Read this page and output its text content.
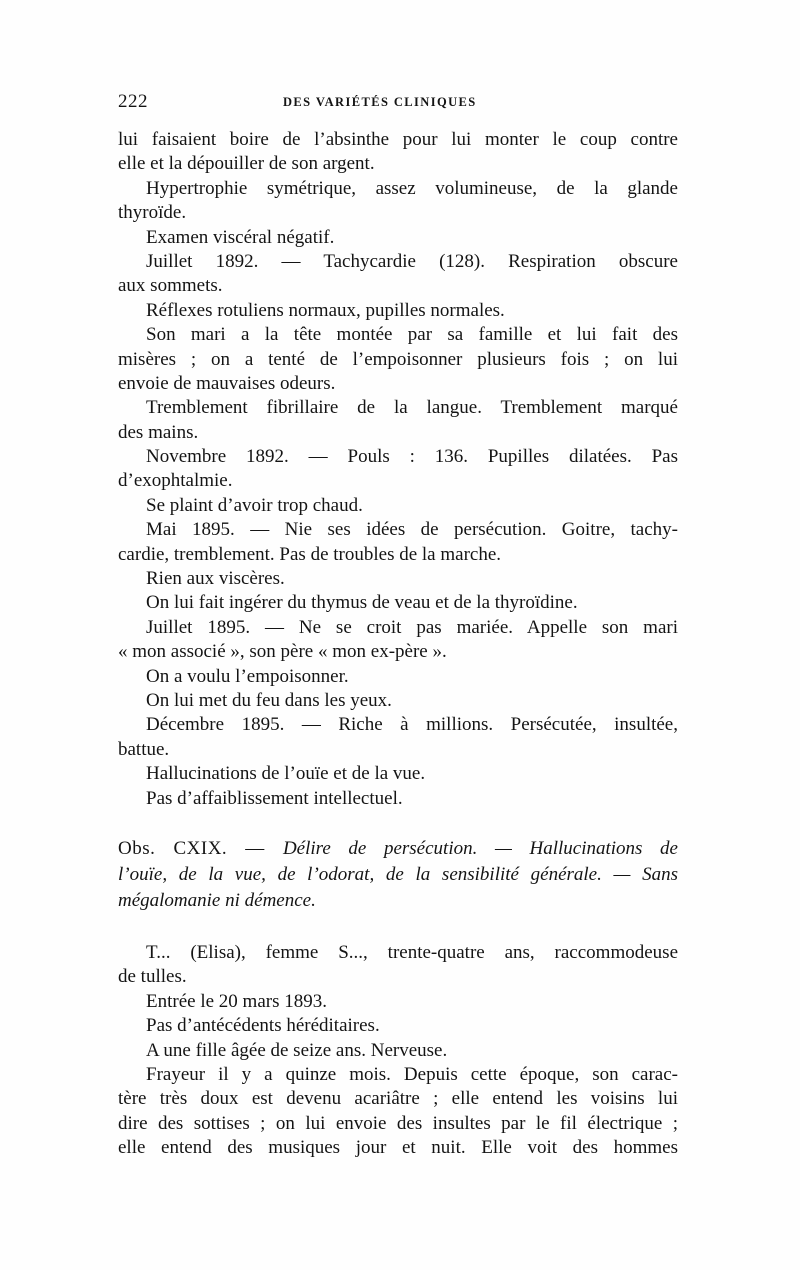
222	DES VARIÉTÉS CLINIQUES
lui faisaient boire de l’absinthe pour lui monter le coup contre
elle et la dépouiller de son argent.
Hypertrophie symétrique, assez volumineuse, de la glande
thyroïde.
Examen viscéral négatif.
Juillet 1892. — Tachycardie (128). Respiration obscure
aux sommets.
Réflexes rotuliens normaux, pupilles normales.
Son mari a la tête montée par sa famille et lui fait des
misères ; on a tenté de l’empoisonner plusieurs fois ; on lui
envoie de mauvaises odeurs.
Tremblement fibrillaire de la langue. Tremblement marqué
des mains.
Novembre 1892. — Pouls : 136. Pupilles dilatées. Pas
d’exophtalmie.
Se plaint d’avoir trop chaud.
Mai 1895. — Nie ses idées de persécution. Goitre, tachy-
cardie, tremblement. Pas de troubles de la marche.
Rien aux viscères.
On lui fait ingérer du thymus de veau et de la thyroïdine.
Juillet 1895. — Ne se croit pas mariée. Appelle son mari
« mon associé », son père « mon ex-père ».
On a voulu l’empoisonner.
On lui met du feu dans les yeux.
Décembre 1895. — Riche à millions. Persécutée, insultée,
battue.
Hallucinations de l’ouïe et de la vue.
Pas d’affaiblissement intellectuel.
Obs. CXIX. — Délire de persécution. — Hallucinations de
l’ouïe, de la vue, de l’odorat, de la sensibilité générale. — Sans
mégalomanie ni démence.
T... (Elisa), femme S..., trente-quatre ans, raccommodeuse
de tulles.
Entrée le 20 mars 1893.
Pas d’antécédents héréditaires.
A une fille âgée de seize ans. Nerveuse.
Frayeur il y a quinze mois. Depuis cette époque, son carac-
tère très doux est devenu acariâtre ; elle entend les voisins lui
dire des sottises ; on lui envoie des insultes par le fil électrique ;
elle entend des musiques jour et nuit. Elle voit des hommes
